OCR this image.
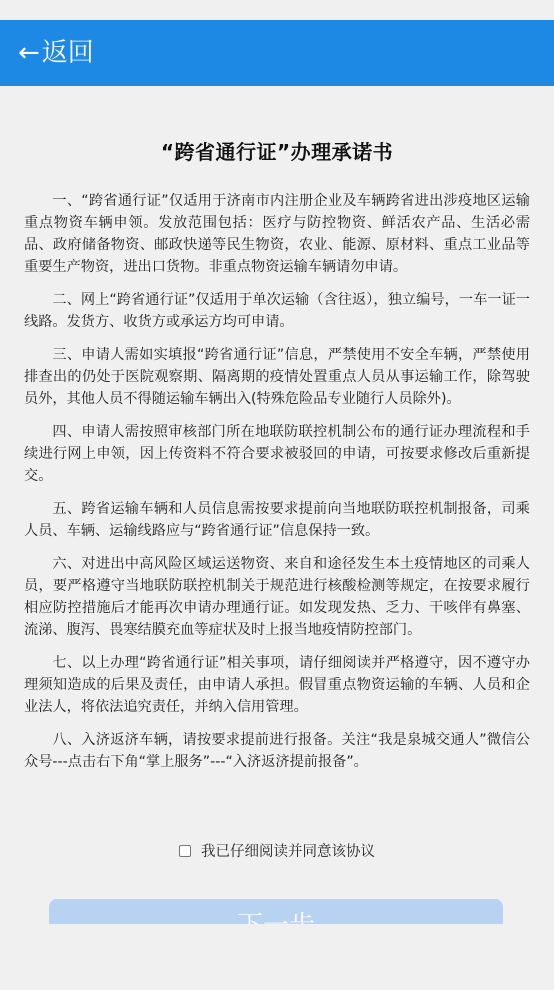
← 返回
“跨省通行证”办理承诺书

一、“跨省通行证”仅适用于济南市内注册企业及车辆跨省进出涉疫地区运输重点物资车辆申领。发放范围包括：医疗与防控物资、鲜活农产品、生活必需品、政府储备物资、邮政快递等民生物资，农业、能源、原材料、重点工业品等重要生产物资，进出口货物。非重点物资运输车辆请勿申请。

二、网上“跨省通行证”仅适用于单次运输（含往返），独立编号，一车一证一线路。发货方、收货方或承运方均可申请。

三、申请人需如实填报“跨省通行证”信息，严禁使用不安全车辆，严禁使用排查出的仍处于医院观察期、隔离期的疫情处置重点人员从事运输工作，除驾驶员外，其他人员不得随运输车辆出入(特殊危险品专业随行人员除外)。

四、申请人需按照审核部门所在地联防联控机制公布的通行证办理流程和手续进行网上申领，因上传资料不符合要求被驳回的申请，可按要求修改后重新提交。

五、跨省运输车辆和人员信息需按要求提前向当地联防联控机制报备，司乘人员、车辆、运输线路应与“跨省通行证”信息保持一致。

六、对进出中高风险区域运送物资、来自和途径发生本土疫情地区的司乘人员，要严格遵守当地联防联控机制关于规范进行核酸检测等规定，在按要求履行相应防控措施后才能再次申请办理通行证。如发现发热、乏力、干咳伴有鼻塞、流涕、腹泻、畏寒结膜充血等症状及时上报当地疫情防控部门。

七、以上办理“跨省通行证”相关事项，请仔细阅读并严格遵守，因不遵守办理须知造成的后果及责任，由申请人承担。假冒重点物资运输的车辆、人员和企业法人，将依法追究责任，并纳入信用管理。

八、入济返济车辆，请按要求提前进行报备。关注“我是泉城交通人”微信公众号---点击右下角“掌上服务”---“入济返济提前报备”。

我已仔细阅读并同意该协议
